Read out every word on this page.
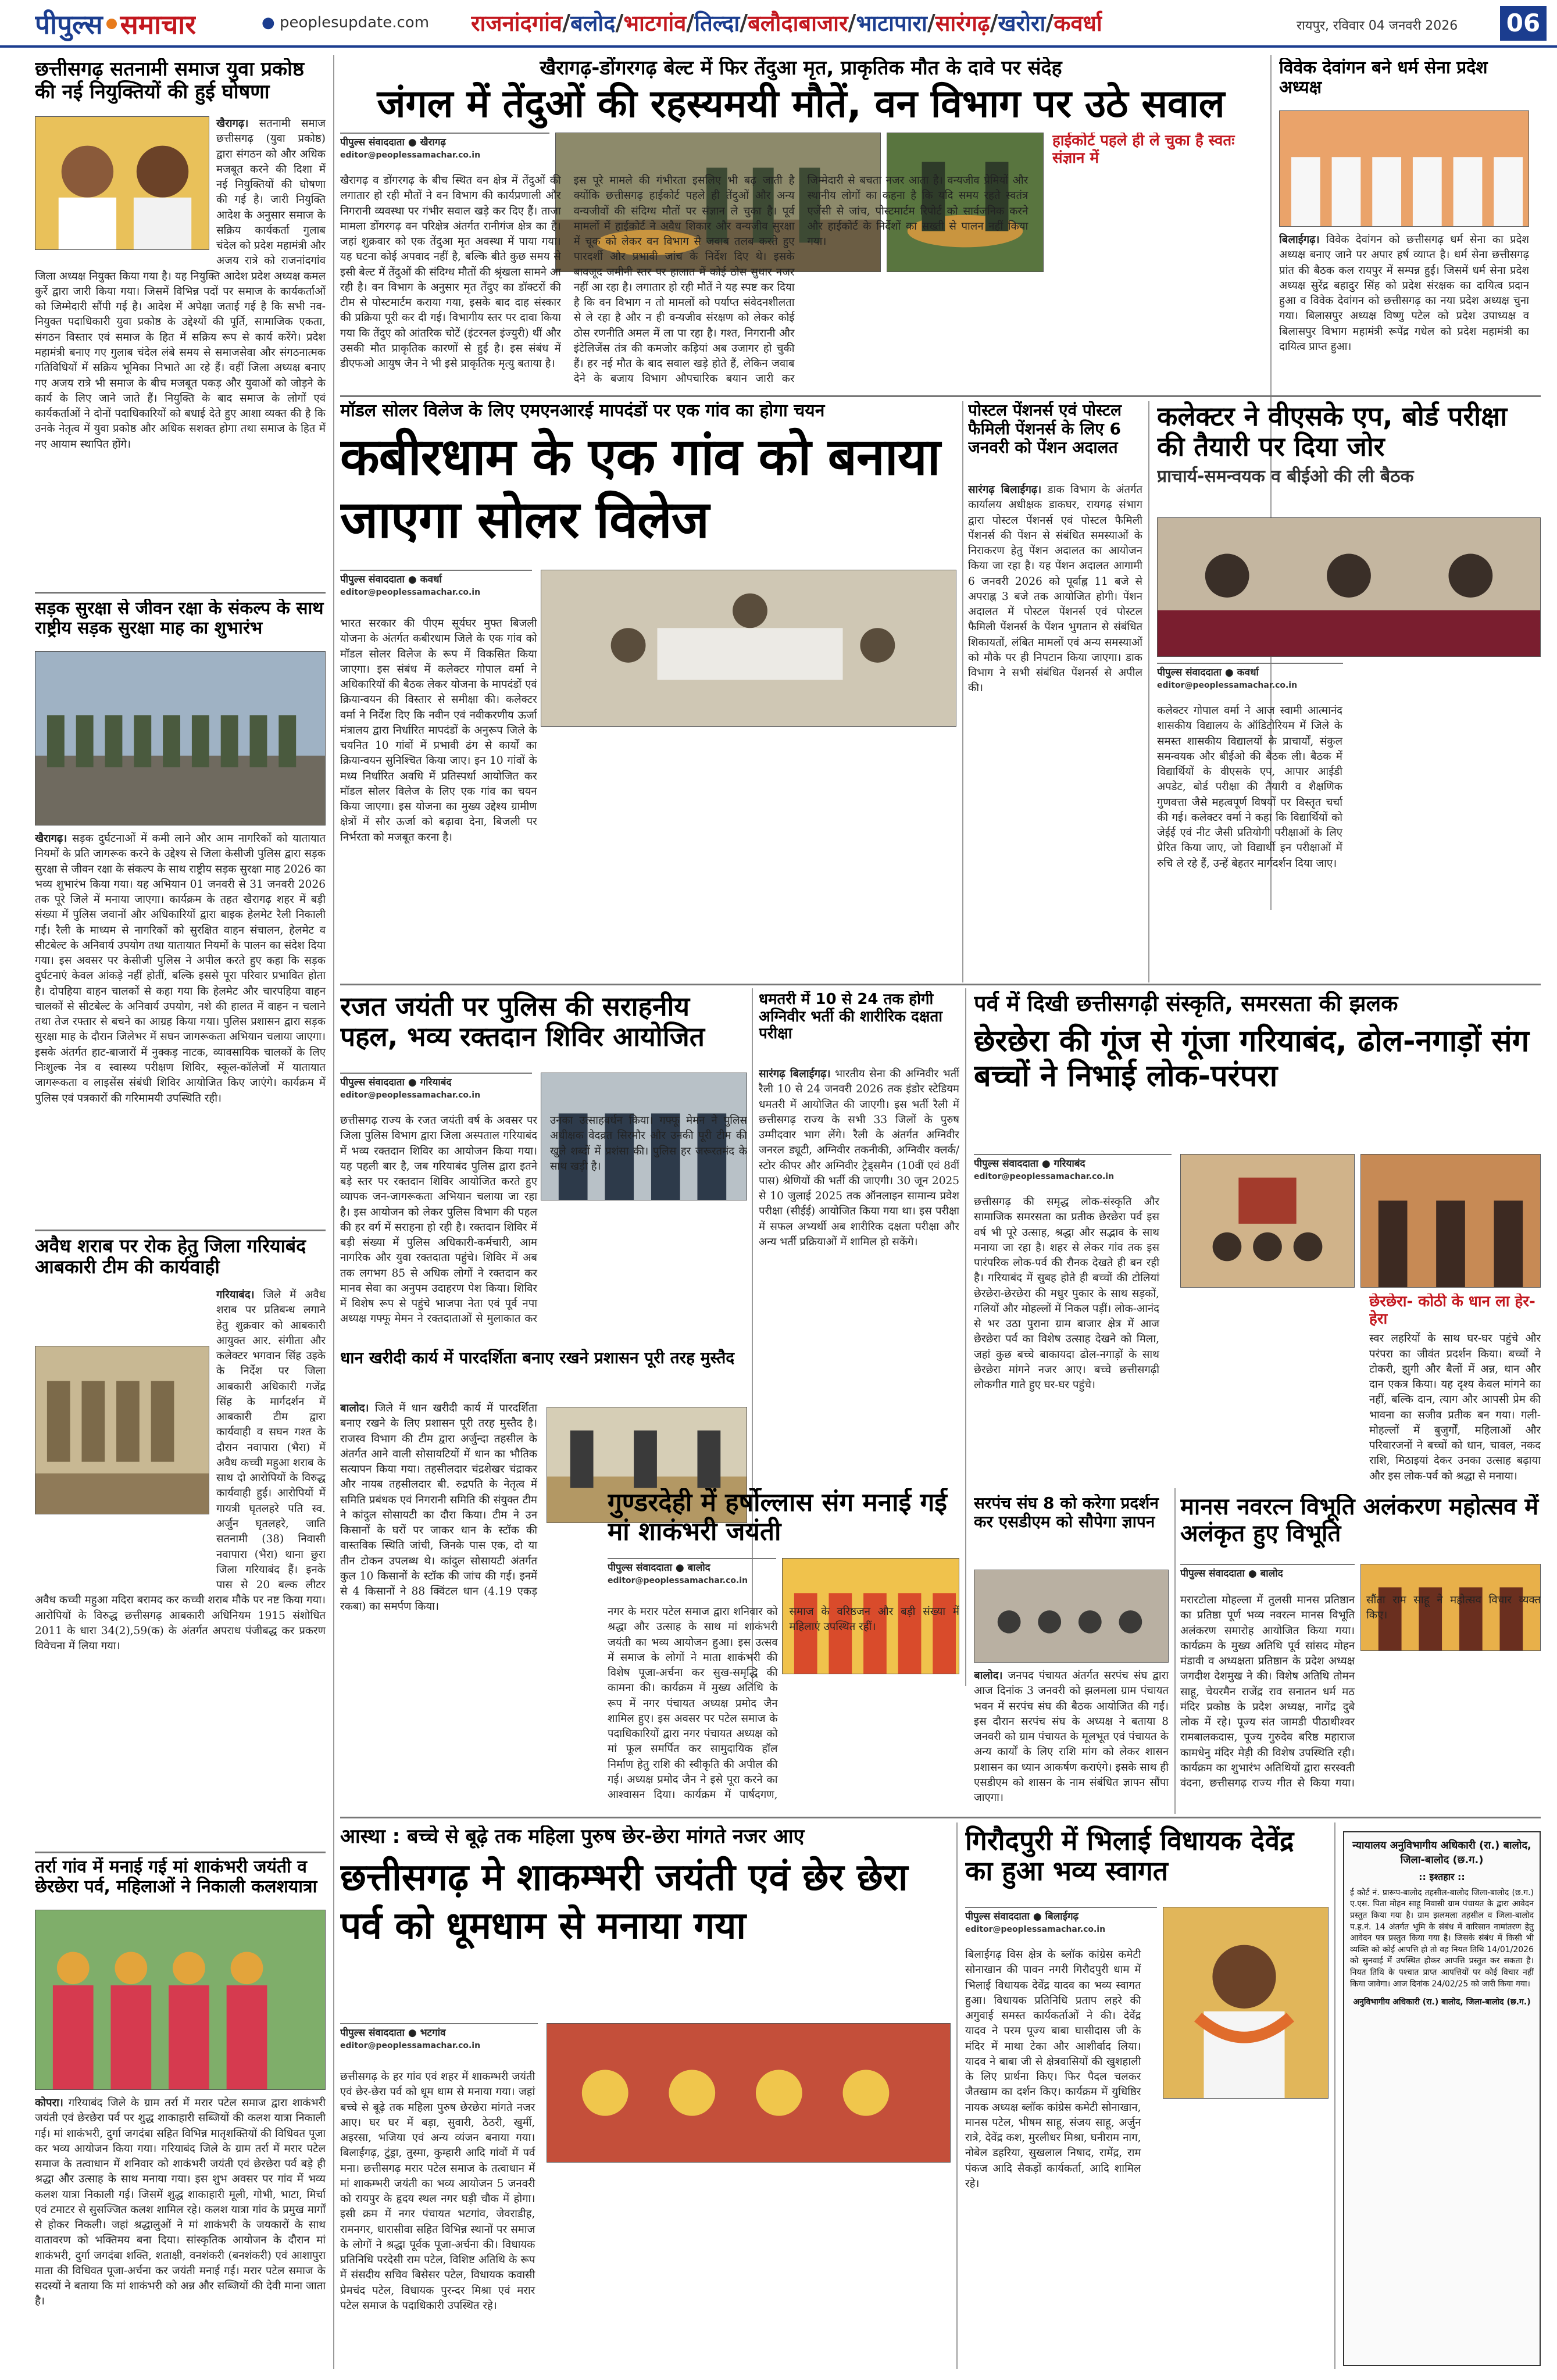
पीपुल्स समाचार	● peoplesupdate.com राजनांदगांव / बलोद / भाटगांव / तिल्दा / बलौदाबाजार / भाटापारा / सारंगढ़ / खरोरा / कवर्धा	रायपुर, रविवार 04 जनवरी 2026 06
छत्तीसगढ़ सतनामी समाज युवा प्रकोष्ठ की नई नियुक्तियों की हुई घोषणा
खैरागढ़। सतनामी समाज छत्तीसगढ़ (युवा प्रकोष्ठ) द्वारा संगठन को और अधिक मजबूत करने की दिशा में नई नियुक्तियों की घोषणा की गई है। जारी नियुक्ति आदेश के अनुसार समाज के सक्रिय कार्यकर्ता गुलाब चंदेल को प्रदेश महामंत्री और अजय रात्रे को राजनांदगांव जिला अध्यक्ष नियुक्त किया गया है। यह नियुक्ति आदेश प्रदेश अध्यक्ष कमल कुर्रे द्वारा जारी किया गया। जिसमें विभिन्न पदों पर समाज के कार्यकर्ताओं को जिम्मेदारी सौंपी गई है। आदेश में अपेक्षा जताई गई है कि सभी नव-नियुक्त पदाधिकारी युवा प्रकोष्ठ के उद्देश्यों की पूर्ति, सामाजिक एकता, संगठन विस्तार एवं समाज के हित में सक्रिय रूप से कार्य करेंगे। प्रदेश महामंत्री बनाए गए गुलाब चंदेल लंबे समय से समाजसेवा और संगठनात्मक गतिविधियों में सक्रिय भूमिका निभाते आ रहे हैं। वहीं जिला अध्यक्ष बनाए गए अजय रात्रे भी समाज के बीच मजबूत पकड़ और युवाओं को जोड़ने के कार्य के लिए जाने जाते हैं। नियुक्ति के बाद समाज के लोगों एवं कार्यकर्ताओं ने दोनों पदाधिकारियों को बधाई देते हुए आशा व्यक्त की है कि उनके नेतृत्व में युवा प्रकोष्ठ और अधिक सशक्त होगा तथा समाज के हित में नए आयाम स्थापित होंगे।
सड़क सुरक्षा से जीवन रक्षा के संकल्प के साथ राष्ट्रीय सड़क सुरक्षा माह का शुभारंभ
खैरागढ़। सड़क दुर्घटनाओं में कमी लाने और आम नागरिकों को यातायात नियमों के प्रति जागरूक करने के उद्देश्य से जिला केसीजी पुलिस द्वारा सड़क सुरक्षा से जीवन रक्षा के संकल्प के साथ राष्ट्रीय सड़क सुरक्षा माह 2026 का भव्य शुभारंभ किया गया। यह अभियान 01 जनवरी से 31 जनवरी 2026 तक पूरे जिले में मनाया जाएगा। कार्यक्रम के तहत खैरागढ़ शहर में बड़ी संख्या में पुलिस जवानों और अधिकारियों द्वारा बाइक हेलमेट रैली निकाली गई। रैली के माध्यम से नागरिकों को सुरक्षित वाहन संचालन, हेलमेट व सीटबेल्ट के अनिवार्य उपयोग तथा यातायात नियमों के पालन का संदेश दिया गया। इस अवसर पर केसीजी पुलिस ने अपील करते हुए कहा कि सड़क दुर्घटनाएं केवल आंकड़े नहीं होतीं, बल्कि इससे पूरा परिवार प्रभावित होता है। दोपहिया वाहन चालकों से कहा गया कि हेलमेट और चारपहिया वाहन चालकों से सीटबेल्ट के अनिवार्य उपयोग, नशे की हालत में वाहन न चलाने तथा तेज रफ्तार से बचने का आग्रह किया गया। पुलिस प्रशासन द्वारा सड़क सुरक्षा माह के दौरान जिलेभर में सघन जागरूकता अभियान चलाया जाएगा। इसके अंतर्गत हाट-बाजारों में नुक्कड़ नाटक, व्यावसायिक चालकों के लिए निःशुल्क नेत्र व स्वास्थ्य परीक्षण शिविर, स्कूल-कॉलेजों में यातायात जागरूकता व लाइसेंस संबंधी शिविर आयोजित किए जाएंगे। कार्यक्रम में पुलिस एवं पत्रकारों की गरिमामयी उपस्थिति रही।
अवैध शराब पर रोक हेतु जिला गरियाबंद आबकारी टीम की कार्यवाही
गरियाबंद। जिले में अवैध शराब पर प्रतिबन्ध लगाने हेतु शुक्रवार को आबकारी आयुक्त आर. संगीता और कलेक्टर भगवान सिंह उइके के निर्देश पर जिला आबकारी अधिकारी गजेंद्र सिंह के मार्गदर्शन में आबकारी टीम द्वारा कार्यवाही व सघन गश्त के दौरान नवापारा (भैरा) में अवैध कच्ची महुआ शराब के साथ दो आरोपियों के विरुद्ध कार्यवाही हुई। आरोपियों में गायत्री घृतलहरे पति स्व. अर्जुन घृतलहरे, जाति सतनामी (38) निवासी नवापारा (भैरा) थाना छुरा जिला गरियाबंद हैं। इनके पास से 20 बल्क लीटर अवैध कच्ची महुआ मदिरा बरामद कर कच्ची शराब मौके पर नष्ट किया गया। आरोपियों के विरुद्ध छत्तीसगढ़ आबकारी अधिनियम 1915 संशोधित 2011 के धारा 34(2),59(क) के अंतर्गत अपराध पंजीबद्ध कर प्रकरण विवेचना में लिया गया।
तर्रा गांव में मनाई गई मां शाकंभरी जयंती व छेरछेरा पर्व, महिलाओं ने निकाली कलशयात्रा
कोपरा। गरियाबंद जिले के ग्राम तर्रा में मरार पटेल समाज द्वारा शाकंभरी जयंती एवं छेरछेरा पर्व पर शुद्ध शाकाहारी सब्जियों की कलश यात्रा निकाली गई। मां शाकंभरी, दुर्गा जगदंबा सहित विभिन्न मातृशक्तियों की विधिवत पूजा कर भव्य आयोजन किया गया। गरियाबंद जिले के ग्राम तर्रा में मरार पटेल समाज के तत्वाधान में शनिवार को शाकंभरी जयंती एवं छेरछेरा पर्व बड़े ही श्रद्धा और उत्साह के साथ मनाया गया। इस शुभ अवसर पर गांव में भव्य कलश यात्रा निकाली गई। जिसमें शुद्ध शाकाहारी मूली, गोभी, भाटा, मिर्चा एवं टमाटर से सुसज्जित कलश शामिल रहे। कलश यात्रा गांव के प्रमुख मार्गों से होकर निकली। जहां श्रद्धालुओं ने मां शाकंभरी के जयकारों के साथ वातावरण को भक्तिमय बना दिया। सांस्कृतिक आयोजन के दौरान मां शाकंभरी, दुर्गा जगदंबा शक्ति, शताक्षी, वनशंकरी (बनशंकरी) एवं आशापुरा माता की विधिवत पूजा-अर्चना कर जयंती मनाई गई। मरार पटेल समाज के सदस्यों ने बताया कि मां शाकंभरी को अन्न और सब्जियों की देवी माना जाता है।
खैरागढ़-डोंगरगढ़ बेल्ट में फिर तेंदुआ मृत, प्राकृतिक मौत के दावे पर संदेह
जंगल में तेंदुओं की रहस्यमयी मौतें, वन विभाग पर उठे सवाल
पीपुल्स संवाददाता ● खैरागढ़
editor@peoplessamachar.co.in
हाईकोर्ट पहले ही ले चुका है स्वतः संज्ञान में
खैरागढ़ व डोंगरगढ़ के बीच स्थित वन क्षेत्र में तेंदुओं की लगातार हो रही मौतों ने वन विभाग की कार्यप्रणाली और निगरानी व्यवस्था पर गंभीर सवाल खड़े कर दिए हैं। ताजा मामला डोंगरगढ़ वन परिक्षेत्र अंतर्गत रानीगंज क्षेत्र का है। जहां शुक्रवार को एक तेंदुआ मृत अवस्था में पाया गया। यह घटना कोई अपवाद नहीं है, बल्कि बीते कुछ समय से इसी बेल्ट में तेंदुओं की संदिग्ध मौतों की श्रृंखला सामने आ रही है। वन विभाग के अनुसार मृत तेंदुए का डॉक्टरों की टीम से पोस्टमार्टम कराया गया, इसके बाद दाह संस्कार की प्रक्रिया पूरी कर दी गई। विभागीय स्तर पर दावा किया गया कि तेंदुए को आंतरिक चोटें (इंटरनल इंज्युरी) थीं और उसकी मौत प्राकृतिक कारणों से हुई है। इस संबंध में डीएफओ आयुष जैन ने भी इसे प्राकृतिक मृत्यु बताया है।
इस पूरे मामले की गंभीरता इसलिए भी बढ़ जाती है क्योंकि छत्तीसगढ़ हाईकोर्ट पहले ही तेंदुओं और अन्य वन्यजीवों की संदिग्ध मौतों पर संज्ञान ले चुका है। पूर्व मामलों में हाईकोर्ट ने अवैध शिकार और वन्यजीव सुरक्षा में चूक को लेकर वन विभाग से जवाब तलब करते हुए पारदर्शी और प्रभावी जांच के निर्देश दिए थे। इसके बावजूद जमीनी स्तर पर हालात में कोई ठोस सुधार नजर नहीं आ रहा है। लगातार हो रही मौतें ने यह स्पष्ट कर दिया है कि वन विभाग न तो मामलों को पर्याप्त संवेदनशीलता से ले रहा है और न ही वन्यजीव संरक्षण को लेकर कोई ठोस रणनीति अमल में ला पा रहा है। गश्त, निगरानी और इंटेलिजेंस तंत्र की कमजोर कड़ियां अब उजागर हो चुकी हैं। हर नई मौत के बाद सवाल खड़े होते हैं, लेकिन जवाब देने के बजाय विभाग औपचारिक बयान जारी कर जिम्मेदारी से बचता नजर आता है। वन्यजीव प्रेमियों और स्थानीय लोगों का कहना है कि यदि समय रहते स्वतंत्र एजेंसी से जांच, पोस्टमार्टम रिपोर्ट को सार्वजनिक करने और हाईकोर्ट के निर्देशों का सख्ती से पालन नहीं किया गया।
विवेक देवांगन बने धर्म सेना प्रदेश अध्यक्ष
बिलाईगढ़। विवेक देवांगन को छत्तीसगढ़ धर्म सेना का प्रदेश अध्यक्ष बनाए जाने पर अपार हर्ष व्याप्त है। धर्म सेना छत्तीसगढ़ प्रांत की बैठक कल रायपुर में सम्पन्न हुई। जिसमें धर्म सेना प्रदेश अध्यक्ष सुरेंद्र बहादुर सिंह को प्रदेश संरक्षक का दायित्व प्रदान हुआ व विवेक देवांगन को छत्तीसगढ़ का नया प्रदेश अध्यक्ष चुना गया। बिलासपुर अध्यक्ष विष्णु पटेल को प्रदेश उपाध्यक्ष व बिलासपुर विभाग महामंत्री रूपेंद्र गधेल को प्रदेश महामंत्री का दायित्व प्राप्त हुआ।
मॉडल सोलर विलेज के लिए एमएनआरई मापदंडों पर एक गांव का होगा चयन
कबीरधाम के एक गांव को बनाया जाएगा सोलर विलेज
पीपुल्स संवाददाता ● कवर्धा
editor@peoplessamachar.co.in
भारत सरकार की पीएम सूर्यघर मुफ्त बिजली योजना के अंतर्गत कबीरधाम जिले के एक गांव को मॉडल सोलर विलेज के रूप में विकसित किया जाएगा। इस संबंध में कलेक्टर गोपाल वर्मा ने अधिकारियों की बैठक लेकर योजना के मापदंडों एवं क्रियान्वयन की विस्तार से समीक्षा की। कलेक्टर वर्मा ने निर्देश दिए कि नवीन एवं नवीकरणीय ऊर्जा मंत्रालय द्वारा निर्धारित मापदंडों के अनुरूप जिले के चयनित 10 गांवों में प्रभावी ढंग से कार्यों का क्रियान्वयन सुनिश्चित किया जाए। इन 10 गांवों के मध्य निर्धारित अवधि में प्रतिस्पर्धा आयोजित कर मॉडल सोलर विलेज के लिए एक गांव का चयन किया जाएगा। इस योजना का मुख्य उद्देश्य ग्रामीण क्षेत्रों में सौर ऊर्जा को बढ़ावा देना, बिजली पर निर्भरता को मजबूत करना है।
पोस्टल पेंशनर्स एवं पोस्टल फैमिली पेंशनर्स के लिए 6 जनवरी को पेंशन अदालत
सारंगढ़ बिलाईगढ़। डाक विभाग के अंतर्गत कार्यालय अधीक्षक डाकघर, रायगढ़ संभाग द्वारा पोस्टल पेंशनर्स एवं पोस्टल फैमिली पेंशनर्स की पेंशन से संबंधित समस्याओं के निराकरण हेतु पेंशन अदालत का आयोजन किया जा रहा है। यह पेंशन अदालत आगामी 6 जनवरी 2026 को पूर्वाह्न 11 बजे से अपराह्न 3 बजे तक आयोजित होगी। पेंशन अदालत में पोस्टल पेंशनर्स एवं पोस्टल फैमिली पेंशनर्स के पेंशन भुगतान से संबंधित शिकायतों, लंबित मामलों एवं अन्य समस्याओं को मौके पर ही निपटान किया जाएगा। डाक विभाग ने सभी संबंधित पेंशनर्स से अपील की।
कलेक्टर ने वीएसके एप, बोर्ड परीक्षा की तैयारी पर दिया जोर
प्राचार्य-समन्वयक व बीईओ की ली बैठक
पीपुल्स संवाददाता ● कवर्धा
editor@peoplessamachar.co.in
कलेक्टर गोपाल वर्मा ने आज स्वामी आत्मानंद शासकीय विद्यालय के ऑडिटोरियम में जिले के समस्त शासकीय विद्यालयों के प्राचार्यों, संकुल समन्वयक और बीईओ की बैठक ली। बैठक में विद्यार्थियों के वीएसके एप, आपार आईडी अपडेट, बोर्ड परीक्षा की तैयारी व शैक्षणिक गुणवत्ता जैसे महत्वपूर्ण विषयों पर विस्तृत चर्चा की गई। कलेक्टर वर्मा ने कहा कि विद्यार्थियों को जेईई एवं नीट जैसी प्रतियोगी परीक्षाओं के लिए प्रेरित किया जाए, जो विद्यार्थी इन परीक्षाओं में रुचि ले रहे हैं, उन्हें बेहतर मार्गदर्शन दिया जाए।
रजत जयंती पर पुलिस की सराहनीय पहल, भव्य रक्तदान शिविर आयोजित
पीपुल्स संवाददाता ● गरियाबंद
editor@peoplessamachar.co.in
छत्तीसगढ़ राज्य के रजत जयंती वर्ष के अवसर पर जिला पुलिस विभाग द्वारा जिला अस्पताल गरियाबंद में भव्य रक्तदान शिविर का आयोजन किया गया। यह पहली बार है, जब गरियाबंद पुलिस द्वारा इतने बड़े स्तर पर रक्तदान शिविर आयोजित करते हुए व्यापक जन-जागरूकता अभियान चलाया जा रहा है। इस आयोजन को लेकर पुलिस विभाग की पहल की हर वर्ग में सराहना हो रही है। रक्तदान शिविर में बड़ी संख्या में पुलिस अधिकारी-कर्मचारी, आम नागरिक और युवा रक्तदाता पहुंचे। शिविर में अब तक लगभग 85 से अधिक लोगों ने रक्तदान कर मानव सेवा का अनुपम उदाहरण पेश किया। शिविर में विशेष रूप से पहुंचे भाजपा नेता एवं पूर्व नपा अध्यक्ष गफ्फू मेमन ने रक्तदाताओं से मुलाकात कर उनका उत्साहवर्धन किया। गफ्फू मेमन ने पुलिस अधीक्षक वेदव्रत सिरमौर और उनकी पूरी टीम की खुले शब्दों में प्रशंसा की। पुलिस हर जरूरतमंद के साथ खड़ी है।
धमतरी में 10 से 24 तक होगी अग्निवीर भर्ती की शारीरिक दक्षता परीक्षा
सारंगढ़ बिलाईगढ़। भारतीय सेना की अग्निवीर भर्ती रैली 10 से 24 जनवरी 2026 तक इंडोर स्टेडियम धमतरी में आयोजित की जाएगी। इस भर्ती रैली में छत्तीसगढ़ राज्य के सभी 33 जिलों के पुरुष उम्मीदवार भाग लेंगे। रैली के अंतर्गत अग्निवीर जनरल ड्यूटी, अग्निवीर तकनीकी, अग्निवीर क्लर्क/स्टोर कीपर और अग्निवीर ट्रेड्समैन (10वीं एवं 8वीं पास) श्रेणियों की भर्ती की जाएगी। 30 जून 2025 से 10 जुलाई 2025 तक ऑनलाइन सामान्य प्रवेश परीक्षा (सीईई) आयोजित किया गया था। इस परीक्षा में सफल अभ्यर्थी अब शारीरिक दक्षता परीक्षा और अन्य भर्ती प्रक्रियाओं में शामिल हो सकेंगे।
पर्व में दिखी छत्तीसगढ़ी संस्कृति, समरसता की झलक
छेरछेरा की गूंज से गूंजा गरियाबंद, ढोल-नगाड़ों संग बच्चों ने निभाई लोक-परंपरा
पीपुल्स संवाददाता ● गरियाबंद
editor@peoplessamachar.co.in
छत्तीसगढ़ की समृद्ध लोक-संस्कृति और सामाजिक समरसता का प्रतीक छेरछेरा पर्व इस वर्ष भी पूरे उत्साह, श्रद्धा और सद्भाव के साथ मनाया जा रहा है। शहर से लेकर गांव तक इस पारंपरिक लोक-पर्व की रौनक देखते ही बन रही है। गरियाबंद में सुबह होते ही बच्चों की टोलियां छेरछेरा-छेरछेरा की मधुर पुकार के साथ सड़कों, गलियों और मोहल्लों में निकल पड़ीं। लोक-आनंद से भर उठा पुराना ग्राम बाजार क्षेत्र में आज छेरछेरा पर्व का विशेष उत्साह देखने को मिला, जहां कुछ बच्चे बाकायदा ढोल-नगाड़ों के साथ छेरछेरा मांगने नजर आए। बच्चे छत्तीसगढ़ी लोकगीत गाते हुए घर-घर पहुंचे।
छेरछेरा- कोठी के धान ला हेर-हेरा
स्वर लहरियों के साथ घर-घर पहुंचे और परंपरा का जीवंत प्रदर्शन किया। बच्चों ने टोकरी, झुगी और बैलों में अन्न, धान और दान एकत्र किया। यह दृश्य केवल मांगने का नहीं, बल्कि दान, त्याग और आपसी प्रेम की भावना का सजीव प्रतीक बन गया। गली-मोहल्लों में बुजुर्गों, महिलाओं और परिवारजनों ने बच्चों को धान, चावल, नकद राशि, मिठाइयां देकर उनका उत्साह बढ़ाया और इस लोक-पर्व को श्रद्धा से मनाया।
धान खरीदी कार्य में पारदर्शिता बनाए रखने प्रशासन पूरी तरह मुस्तैद
बालोद। जिले में धान खरीदी कार्य में पारदर्शिता बनाए रखने के लिए प्रशासन पूरी तरह मुस्तैद है। राजस्व विभाग की टीम द्वारा अर्जुन्दा तहसील के अंतर्गत आने वाली सोसायटियों में धान का भौतिक सत्यापन किया गया। तहसीलदार चंद्रशेखर चंद्राकर और नायब तहसीलदार बी. रुद्रपति के नेतृत्व में समिति प्रबंधक एवं निगरानी समिति की संयुक्त टीम ने कांदुल सोसायटी का दौरा किया। टीम ने उन किसानों के घरों पर जाकर धान के स्टॉक की वास्तविक स्थिति जांची, जिनके पास एक, दो या तीन टोकन उपलब्ध थे। कांदुल सोसायटी अंतर्गत कुल 10 किसानों के स्टॉक की जांच की गई। इनमें से 4 किसानों ने 88 क्विंटल धान (4.19 एकड़ रकबा) का समर्पण किया।
गुण्डरदेही में हर्षोल्लास संग मनाई गई मां शाकंभरी जयंती
पीपुल्स संवाददाता ● बालोद
editor@peoplessamachar.co.in
नगर के मरार पटेल समाज द्वारा शनिवार को श्रद्धा और उत्साह के साथ मां शाकंभरी जयंती का भव्य आयोजन हुआ। इस उत्सव में समाज के लोगों ने माता शाकंभरी की विशेष पूजा-अर्चना कर सुख-समृद्धि की कामना की। कार्यक्रम में मुख्य अतिथि के रूप में नगर पंचायत अध्यक्ष प्रमोद जैन शामिल हुए। इस अवसर पर पटेल समाज के पदाधिकारियों द्वारा नगर पंचायत अध्यक्ष को मां फूल समर्पित कर सामुदायिक हॉल निर्माण हेतु राशि की स्वीकृति की अपील की गई। अध्यक्ष प्रमोद जैन ने इसे पूरा करने का आश्वासन दिया। कार्यक्रम में पार्षदगण, समाज के वरिष्ठजन और बड़ी संख्या में महिलाएं उपस्थित रहीं।
सरपंच संघ 8 को करेगा प्रदर्शन कर एसडीएम को सौपेगा ज्ञापन
बालोद। जनपद पंचायत अंतर्गत सरपंच संघ द्वारा आज दिनांक 3 जनवरी को झलमला ग्राम पंचायत भवन में सरपंच संघ की बैठक आयोजित की गई। इस दौरान सरपंच संघ के अध्यक्ष ने बताया 8 जनवरी को ग्राम पंचायत के मूलभूत एवं पंचायत के अन्य कार्यों के लिए राशि मांग को लेकर शासन प्रशासन का ध्यान आकर्षण कराएंगे। इसके साथ ही एसडीएम को शासन के नाम संबंधित ज्ञापन सौंपा जाएगा।
मानस नवरत्न विभूति अलंकरण महोत्सव में अलंकृत हुए विभूति
पीपुल्स संवाददाता ● बालोद
मरारटोला मोहल्ला में तुलसी मानस प्रतिष्ठान का प्रतिष्ठा पूर्ण भव्य नवरत्न मानस विभूति अलंकरण समारोह आयोजित किया गया। कार्यक्रम के मुख्य अतिथि पूर्व सांसद मोहन मंडावी व अध्यक्षता प्रतिष्ठान के प्रदेश अध्यक्ष जगदीश देशमुख ने की। विशेष अतिथि तोमन साहू, चेयरमैन राजेंद्र राव सनातन धर्म मठ मंदिर प्रकोष्ठ के प्रदेश अध्यक्ष, नागेंद्र दुबे लोक में रहे। पूज्य संत जामडी पीठाधीश्वर रामबालकदास, पूज्य गुरुदेव बरिष्ठ महाराज कामधेनु मंदिर मेड़ी की विशेष उपस्थिति रही। कार्यक्रम का शुभारंभ अतिथियों द्वारा सरस्वती वंदना, छत्तीसगढ़ राज्य गीत से किया गया। सौंता राम साहू ने महोत्सव विचार व्यक्त किए।
आस्था : बच्चे से बूढ़े तक महिला पुरुष छेर-छेरा मांगते नजर आए
छत्तीसगढ़ मे शाकम्भरी जयंती एवं छेर छेरा पर्व को धूमधाम से मनाया गया
पीपुल्स संवाददाता ● भटगांव
editor@peoplessamachar.co.in
छत्तीसगढ़ के हर गांव एवं शहर में शाकम्भरी जयंती एवं छेर-छेरा पर्व को धूम धाम से मनाया गया। जहां बच्चे से बूढ़े तक महिला पुरुष छेरछेरा मांगते नजर आए। घर घर में बड़ा, सुवारी, ठेठरी, खुर्मी, अइरसा, भजिया एवं अन्य व्यंजन बनाया गया। बिलाईगढ़, टुंड्रा, तुस्मा, कुम्हारी आदि गांवों में पर्व मना। छत्तीसगढ़ मरार पटेल समाज के तत्वाधान में मां शाकम्भरी जयंती का भव्य आयोजन 5 जनवरी को रायपुर के हृदय स्थल नगर घड़ी चौक में होगा। इसी क्रम में नगर पंचायत भटगांव, जेवराडीह, रामनगर, धारासीवा सहित विभिन्न स्थानों पर समाज के लोगों ने श्रद्धा पूर्वक पूजा-अर्चना की। विधायक प्रतिनिधि परदेसी राम पटेल, विशिष्ट अतिथि के रूप में संसदीय सचिव बिसेसर पटेल, विधायक कवासी प्रेमचंद पटेल, विधायक पुरन्दर मिश्रा एवं मरार पटेल समाज के पदाधिकारी उपस्थित रहे।
गिरौदपुरी में भिलाई विधायक देवेंद्र का हुआ भव्य स्वागत
पीपुल्स संवाददाता ● बिलाईगढ़
editor@peoplessamachar.co.in
बिलाईगढ़ विस क्षेत्र के ब्लॉक कांग्रेस कमेटी सोनाखान की पावन नगरी गिरौदपुरी धाम में भिलाई विधायक देवेंद्र यादव का भव्य स्वागत हुआ। विधायक प्रतिनिधि प्रताप लहरे की अगुवाई समस्त कार्यकर्ताओं ने की। देवेंद्र यादव ने परम पूज्य बाबा घासीदास जी के मंदिर में माथा टेका और आशीर्वाद लिया। यादव ने बाबा जी से क्षेत्रवासियों की खुशहाली के लिए प्रार्थना किए। फिर पैदल चलकर जैतखाम का दर्शन किए। कार्यक्रम में युधिष्ठिर नायक अध्यक्ष ब्लॉक कांग्रेस कमेटी सोनाखान, मानस पटेल, भीषम साहू, संजय साहू, अर्जुन रात्रे, देवेंद्र कश, मुरलीधर मिश्रा, घनीराम नाग, नोबेल डहरिया, सुखलाल निषाद, रामेंद्र, राम पंकज आदि सैकड़ों कार्यकर्ता, आदि शामिल रहे।
न्यायालय अनुविभागीय अधिकारी (रा.) बालोद, जिला-बालोद (छ.ग.)
:: इश्तहार ::
ई कोर्ट नं. प्रारूप-बालोद तहसील-बालोद जिला-बालोद (छ.ग.) ए.एस. पिता मोहन साहू निवासी ग्राम पंचायत के द्वारा आवेदन प्रस्तुत किया गया है। ग्राम झलमला तहसील व जिला-बालोद प.ह.नं. 14 अंतर्गत भूमि के संबंध में वारिसान नामांतरण हेतु आवेदन पत्र प्रस्तुत किया गया है। जिसके संबंध में किसी भी व्यक्ति को कोई आपत्ति हो तो वह नियत तिथि 14/01/2026 को सुनवाई में उपस्थित होकर आपत्ति प्रस्तुत कर सकता है। नियत तिथि के पश्चात प्राप्त आपत्तियों पर कोई विचार नहीं किया जावेगा। आज दिनांक 24/02/25 को जारी किया गया।
अनुविभागीय अधिकारी (रा.) बालोद, जिला-बालोद (छ.ग.)
